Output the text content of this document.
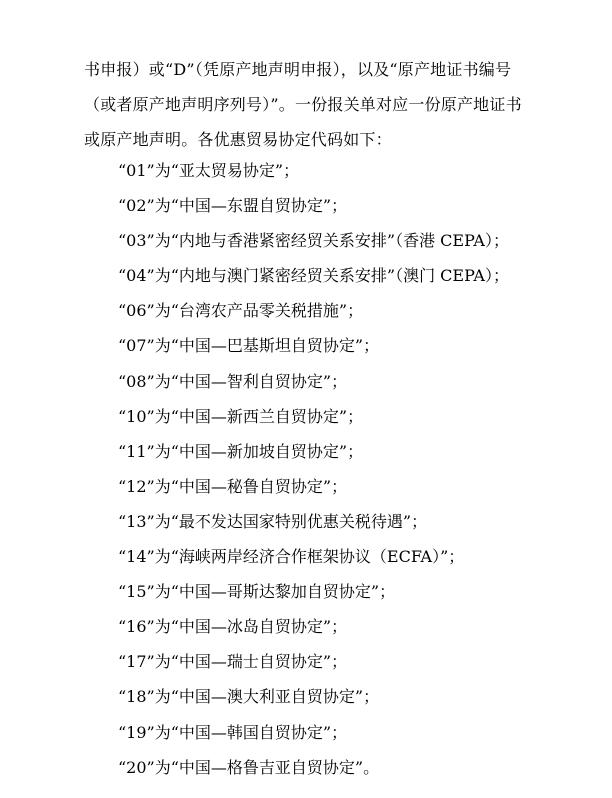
书申报）或“D”（凭原产地声明申报），以及“原产地证书编号（或者原产地声明序列号）”。一份报关单对应一份原产地证书或原产地声明。各优惠贸易协定代码如下：

“01”为“亚太贸易协定”；
“02”为“中国—东盟自贸协定”；
“03”为“内地与香港紧密经贸关系安排”（香港 CEPA）；
“04”为“内地与澳门紧密经贸关系安排”（澳门 CEPA）；
“06”为“台湾农产品零关税措施”；
“07”为“中国—巴基斯坦自贸协定”；
“08”为“中国—智利自贸协定”；
“10”为“中国—新西兰自贸协定”；
“11”为“中国—新加坡自贸协定”；
“12”为“中国—秘鲁自贸协定”；
“13”为“最不发达国家特别优惠关税待遇”；
“14”为“海峡两岸经济合作框架协议（ECFA）”；
“15”为“中国—哥斯达黎加自贸协定”；
“16”为“中国—冰岛自贸协定”；
“17”为“中国—瑞士自贸协定”；
“18”为“中国—澳大利亚自贸协定”；
“19”为“中国—韩国自贸协定”；
“20”为“中国—格鲁吉亚自贸协定”。
